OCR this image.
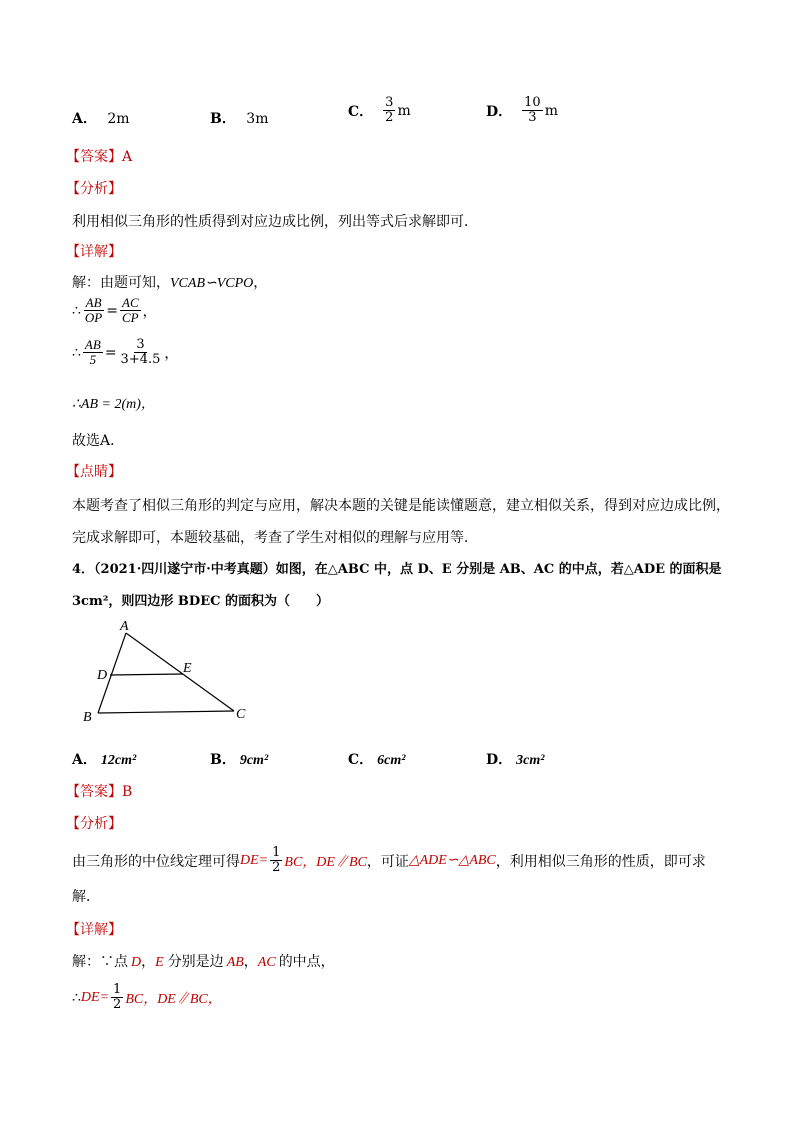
A． 2m	B． 3m	C． $\frac{3}{2}$ m	D． $\frac{10}{3}$ m
【答案】A
【分析】
利用相似三角形的性质得到对应边成比例，列出等式后求解即可．
【详解】
解：由题可知，VCAB∽VCPO，
∴ $\frac{AB}{OP} = \frac{AC}{CP}$ ，
∴ $\frac{AB}{5} = \frac{3}{3+4.5}$ ，
∴AB = 2(m)，
故选A．
【点睛】
本题考查了相似三角形的判定与应用，解决本题的关键是能读懂题意，建立相似关系，得到对应边成比例，
完成求解即可，本题较基础，考查了学生对相似的理解与应用等．
4．（2021·四川遂宁市·中考真题）如图，在△ABC 中，点 D、E 分别是 AB、AC 的中点，若△ADE 的面积是
3cm²，则四边形 BDEC 的面积为（　　）
A
D	E
B	C
A． 12cm²	B． 9cm²	C． 6cm²	D． 3cm²
【答案】B
【分析】
由三角形的中位线定理可得 $DE= \frac{1}{2}$ BC，DE∥BC ，可证 △ADE∽△ABC ，利用相似三角形的性质，即可求
解．
【详解】
解：∵点 D，E 分别是边 AB，AC 的中点，
∴ $DE= \frac{1}{2}$ BC，DE∥BC，
